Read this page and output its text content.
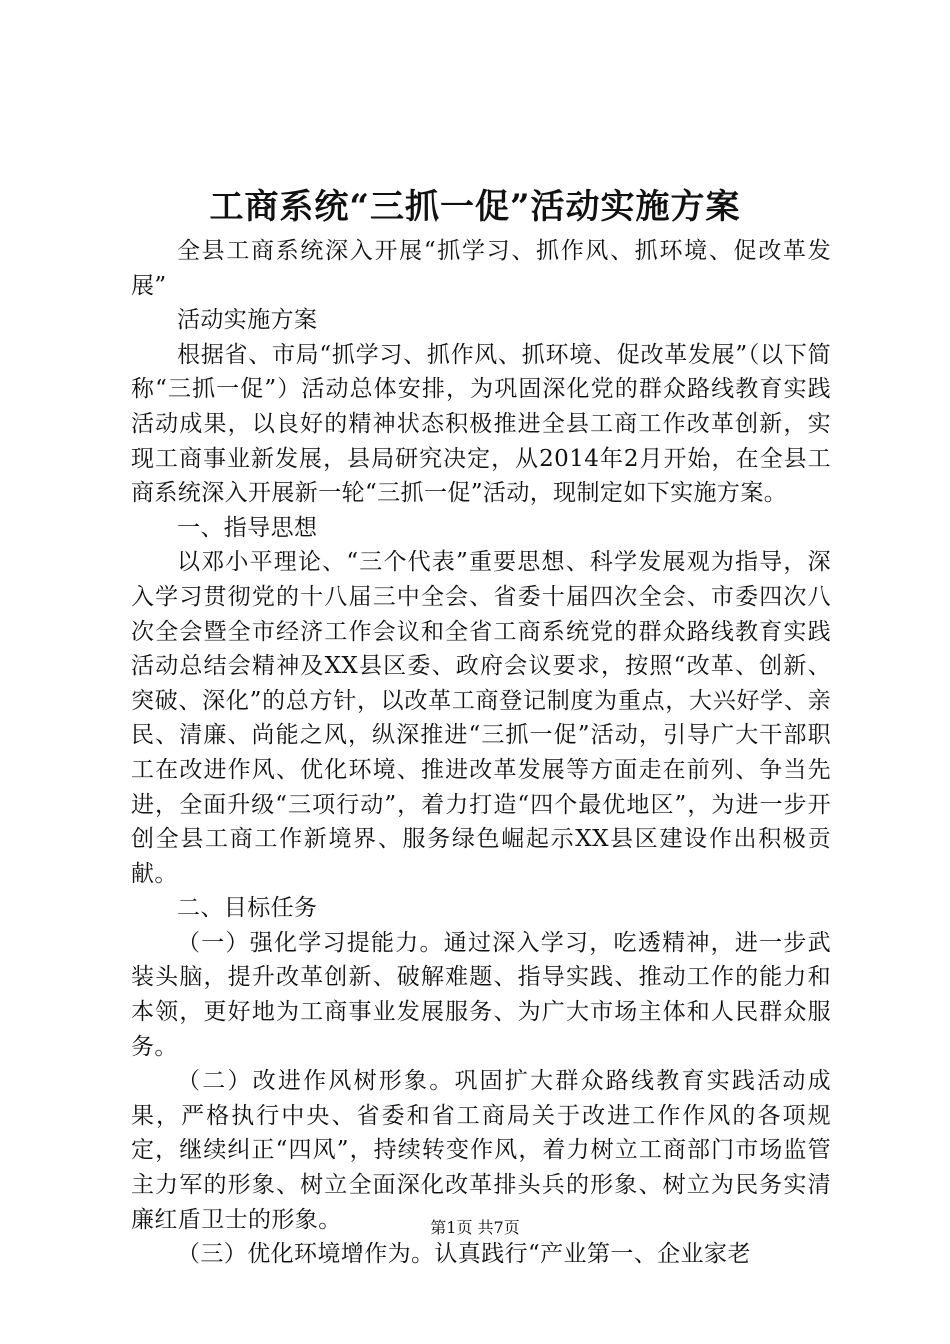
工商系统“三抓一促”活动实施方案

全县工商系统深入开展“抓学习、抓作风、抓环境、促改革发展”

活动实施方案

根据省、市局“抓学习、抓作风、抓环境、促改革发展”（以下简称“三抓一促”）活动总体安排，为巩固深化党的群众路线教育实践活动成果，以良好的精神状态积极推进全县工商工作改革创新，实现工商事业新发展，县局研究决定，从2014年2月开始，在全县工商系统深入开展新一轮“三抓一促”活动，现制定如下实施方案。

一、指导思想

以邓小平理论、“三个代表”重要思想、科学发展观为指导，深入学习贯彻党的十八届三中全会、省委十届四次全会、市委四次八次全会暨全市经济工作会议和全省工商系统党的群众路线教育实践活动总结会精神及XX县区委、政府会议要求，按照“改革、创新、突破、深化”的总方针，以改革工商登记制度为重点，大兴好学、亲民、清廉、尚能之风，纵深推进“三抓一促”活动，引导广大干部职工在改进作风、优化环境、推进改革发展等方面走在前列、争当先进，全面升级“三项行动”，着力打造“四个最优地区”，为进一步开创全县工商工作新境界、服务绿色崛起示XX县区建设作出积极贡献。

二、目标任务

（一）强化学习提能力。通过深入学习，吃透精神，进一步武装头脑，提升改革创新、破解难题、指导实践、推动工作的能力和本领，更好地为工商事业发展服务、为广大市场主体和人民群众服务。

（二）改进作风树形象。巩固扩大群众路线教育实践活动成果，严格执行中央、省委和省工商局关于改进工作作风的各项规定，继续纠正“四风”，持续转变作风，着力树立工商部门市场监管主力军的形象、树立全面深化改革排头兵的形象、树立为民务实清廉红盾卫士的形象。

（三）优化环境增作为。认真践行“产业第一、企业家老

第1页 共7页
